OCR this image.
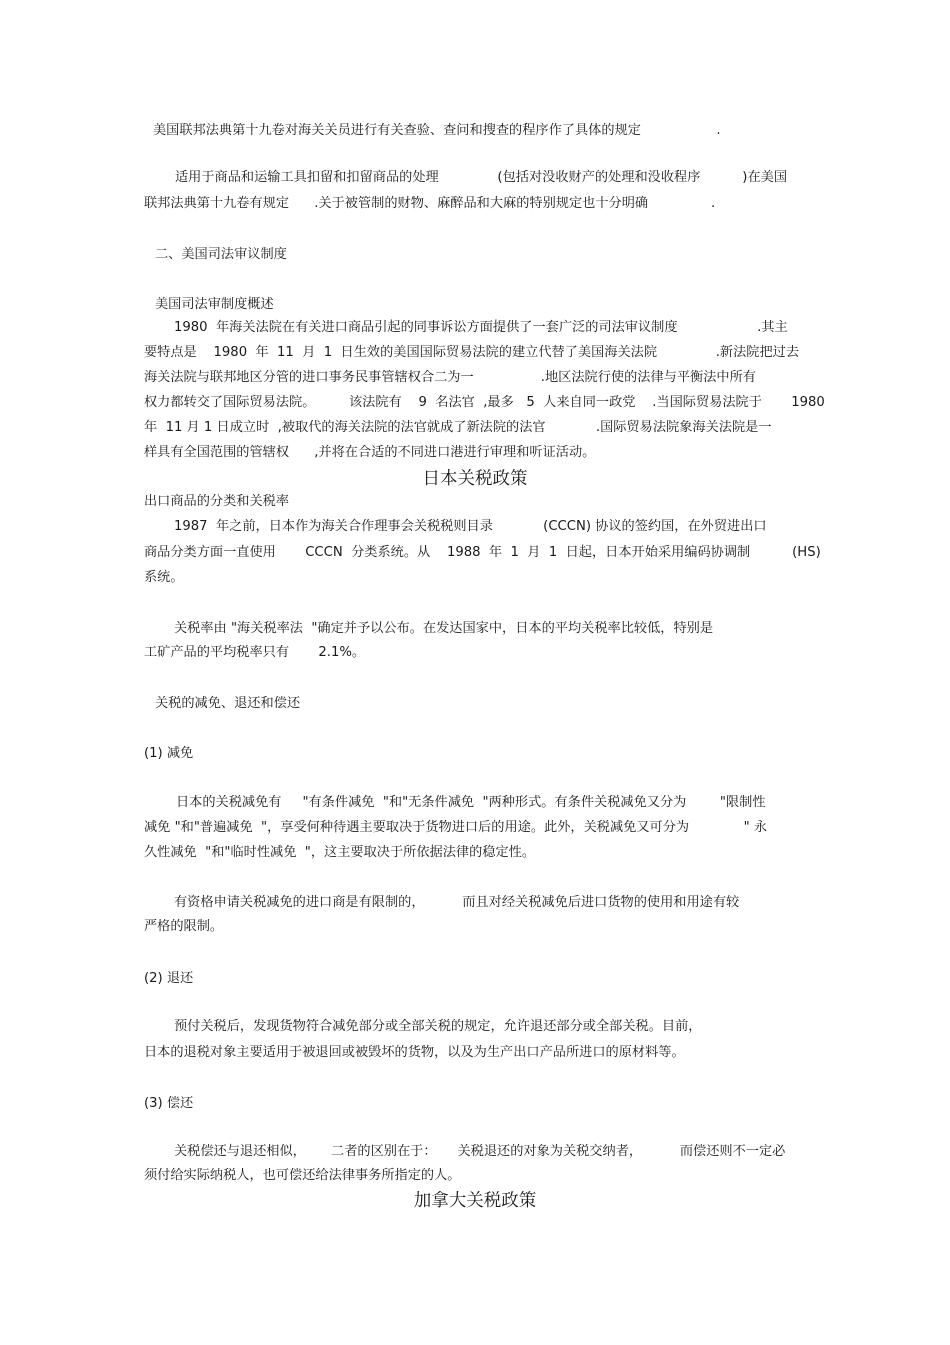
美国联邦法典第十九卷对海关关员进行有关查验、查问和搜查的程序作了具体的规定                  .
适用于商品和运输工具扣留和扣留商品的处理              (包括对没收财产的处理和没收程序          )在美国
联邦法典第十九卷有规定      .关于被管制的财物、麻醉品和大麻的特别规定也十分明确               .
二、美国司法审议制度
美国司法审制度概述
1980  年海关法院在有关进口商品引起的同事诉讼方面提供了一套广泛的司法审议制度                   .其主
要特点是    1980  年  11  月  1  日生效的美国国际贸易法院的建立代替了美国海关法院              .新法院把过去
海关法院与联邦地区分管的进口事务民事管辖权合二为一                .地区法院行使的法律与平衡法中所有
权力都转交了国际贸易法院。        该法院有    9  名法官  ,最多   5  人来自同一政党    .当国际贸易法院于       1980
年  11 月 1 日成立时  ,被取代的海关法院的法官就成了新法院的法官            .国际贸易法院象海关法院是一
样具有全国范围的管辖权      ,并将在合适的不同进口港进行审理和听证活动。
日本关税政策
出口商品的分类和关税率
1987  年之前，日本作为海关合作理事会关税税则目录            (CCCN) 协议的签约国，在外贸进出口
商品分类方面一直使用       CCCN  分类系统。从    1988  年  1  月  1  日起，日本开始采用编码协调制          (HS)
系统。
关税率由 "海关税率法  "确定并予以公布。在发达国家中，日本的平均关税率比较低，特别是
工矿产品的平均税率只有       2.1%。
关税的减免、退还和偿还
(1) 减免
日本的关税减免有     "有条件减免  "和"无条件减免  "两种形式。有条件关税减免又分为        "限制性
减免 "和"普遍减免  "，享受何种待遇主要取决于货物进口后的用途。此外，关税减免又可分为             " 永
久性减免  "和"临时性减免  "，这主要取决于所依据法律的稳定性。
有资格申请关税减免的进口商是有限制的，         而且对经关税减免后进口货物的使用和用途有较
严格的限制。
(2) 退还
预付关税后，发现货物符合减免部分或全部关税的规定，允许退还部分或全部关税。目前，
日本的退税对象主要适用于被退回或被毁坏的货物，以及为生产出口产品所进口的原材料等。
(3) 偿还
关税偿还与退还相似，      二者的区别在于：     关税退还的对象为关税交纳者，         而偿还则不一定必
须付给实际纳税人，也可偿还给法律事务所指定的人。
加拿大关税政策
